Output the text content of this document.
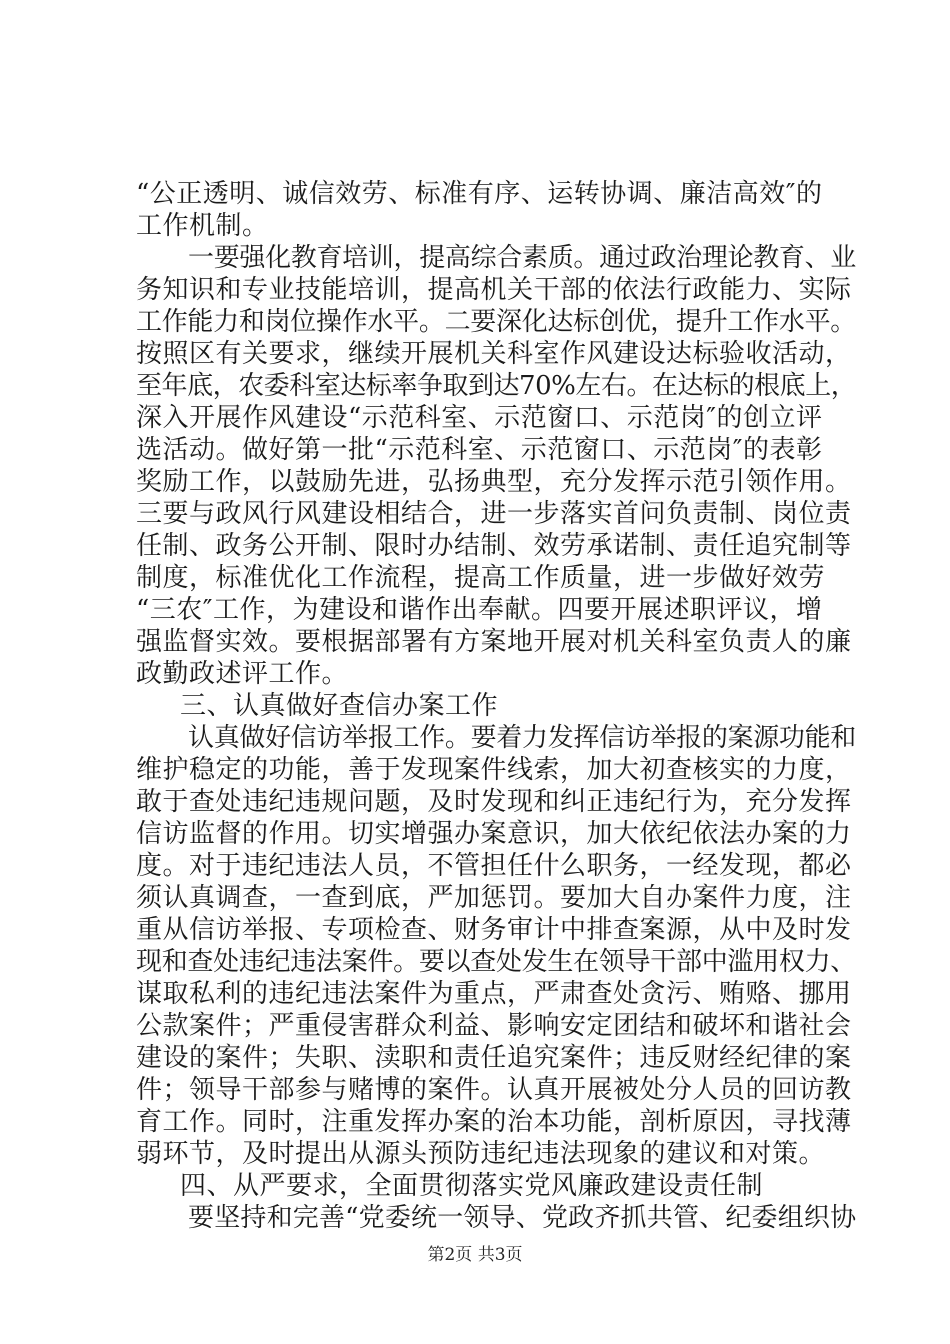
“公正透明、诚信效劳、标准有序、运转协调、廉洁高效″的
工作机制。
一要强化教育培训，提高综合素质。通过政治理论教育、业
务知识和专业技能培训，提高机关干部的依法行政能力、实际
工作能力和岗位操作水平。二要深化达标创优，提升工作水平。
按照区有关要求，继续开展机关科室作风建设达标验收活动，
至年底，农委科室达标率争取到达70%左右。在达标的根底上，
深入开展作风建设“示范科室、示范窗口、示范岗″的创立评
选活动。做好第一批“示范科室、示范窗口、示范岗″的表彰
奖励工作，以鼓励先进，弘扬典型，充分发挥示范引领作用。
三要与政风行风建设相结合，进一步落实首问负责制、岗位责
任制、政务公开制、限时办结制、效劳承诺制、责任追究制等
制度，标准优化工作流程，提高工作质量，进一步做好效劳
“三农″工作，为建设和谐作出奉献。四要开展述职评议，增
强监督实效。要根据部署有方案地开展对机关科室负责人的廉
政勤政述评工作。
三、认真做好查信办案工作
认真做好信访举报工作。要着力发挥信访举报的案源功能和
维护稳定的功能，善于发现案件线索，加大初查核实的力度，
敢于查处违纪违规问题，及时发现和纠正违纪行为，充分发挥
信访监督的作用。切实增强办案意识，加大依纪依法办案的力
度。对于违纪违法人员，不管担任什么职务，一经发现，都必
须认真调查，一查到底，严加惩罚。要加大自办案件力度，注
重从信访举报、专项检查、财务审计中排查案源，从中及时发
现和查处违纪违法案件。要以查处发生在领导干部中滥用权力、
谋取私利的违纪违法案件为重点，严肃查处贪污、贿赂、挪用
公款案件；严重侵害群众利益、影响安定团结和破坏和谐社会
建设的案件；失职、渎职和责任追究案件；违反财经纪律的案
件；领导干部参与赌博的案件。认真开展被处分人员的回访教
育工作。同时，注重发挥办案的治本功能，剖析原因，寻找薄
弱环节，及时提出从源头预防违纪违法现象的建议和对策。
四、从严要求，全面贯彻落实党风廉政建设责任制
要坚持和完善“党委统一领导、党政齐抓共管、纪委组织协
第2页 共3页
